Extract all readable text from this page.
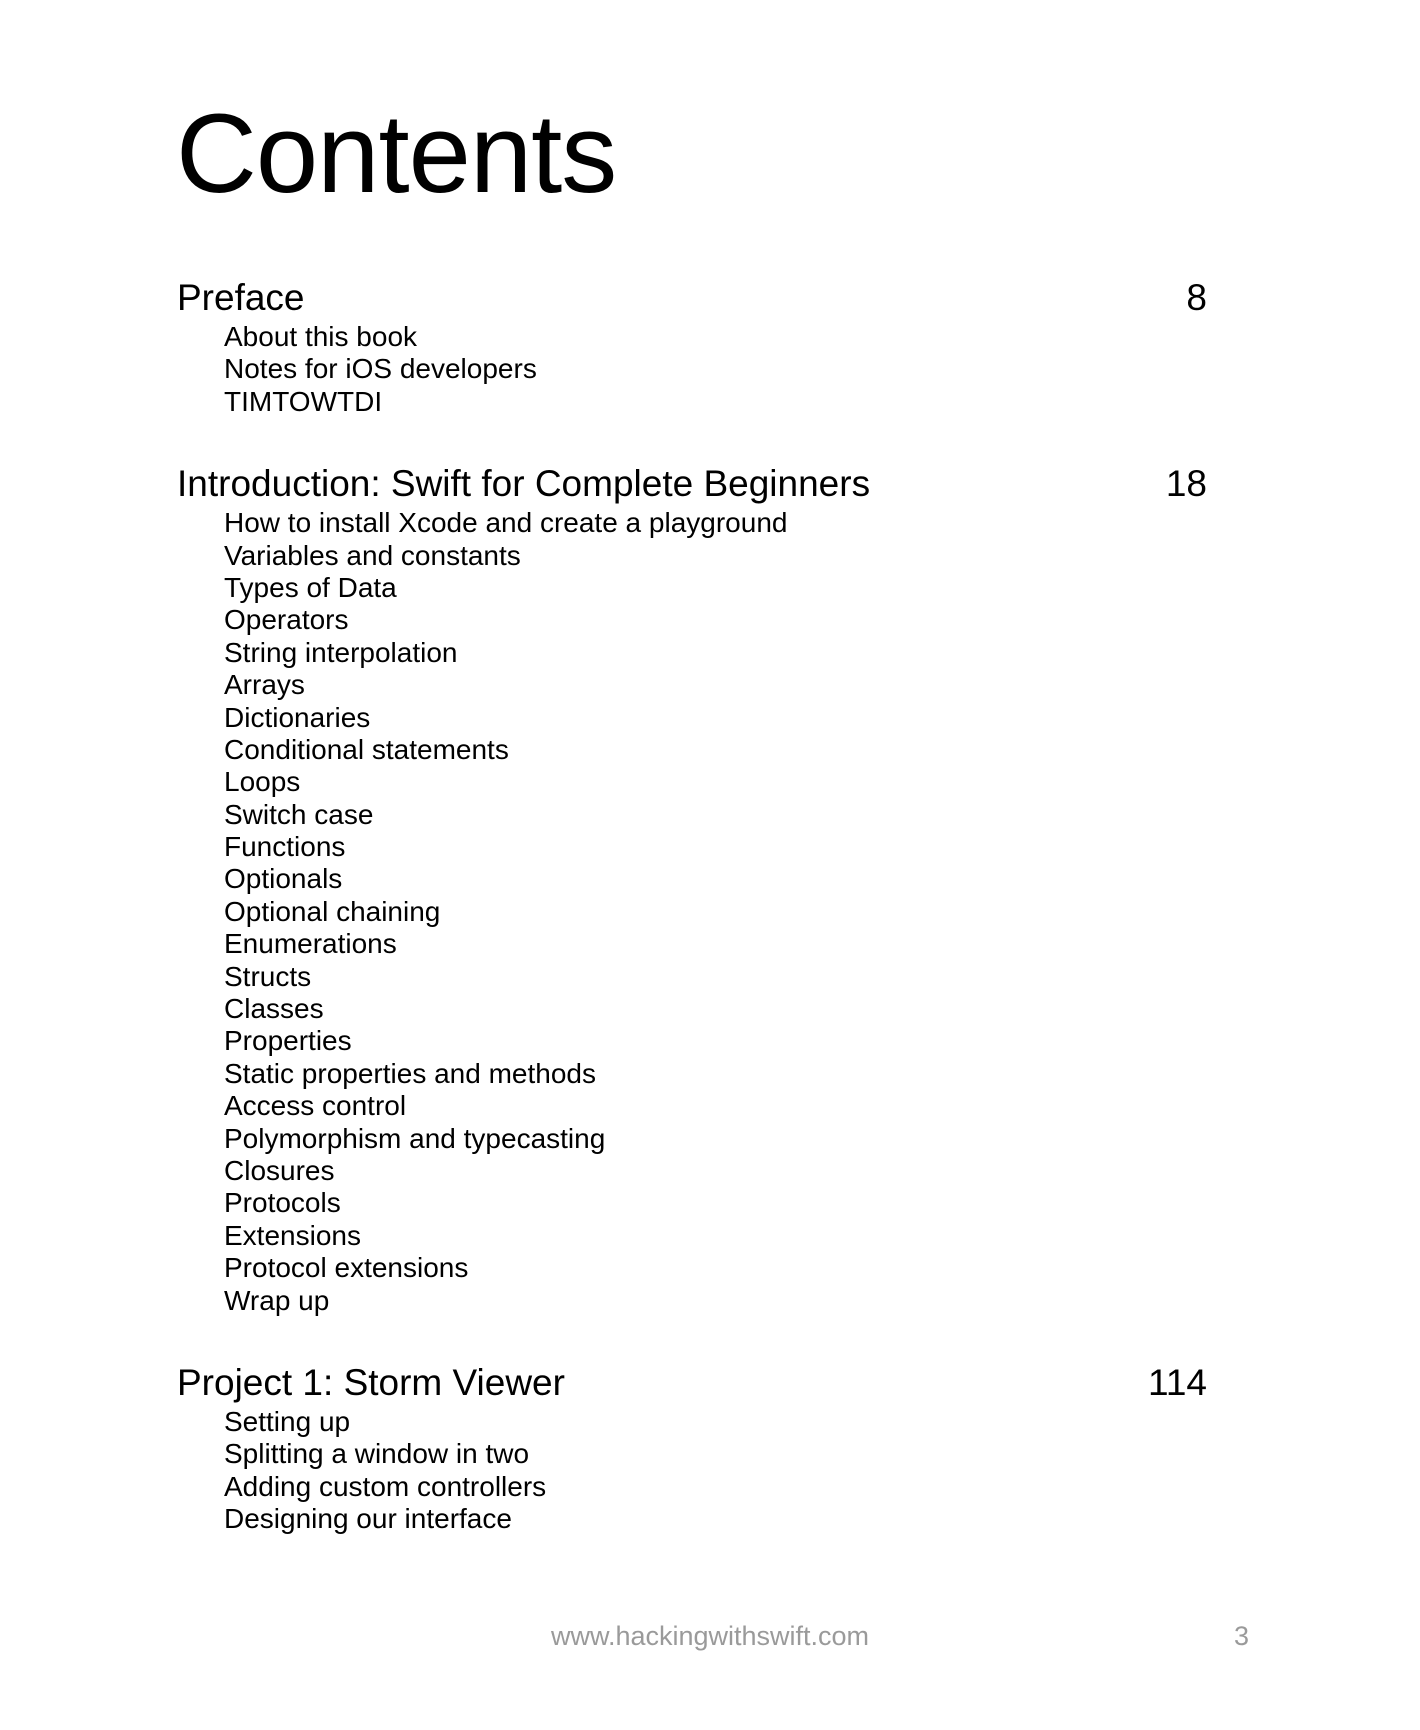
Contents
Preface	8
About this book
Notes for iOS developers
TIMTOWTDI
Introduction: Swift for Complete Beginners	18
How to install Xcode and create a playground
Variables and constants
Types of Data
Operators
String interpolation
Arrays
Dictionaries
Conditional statements
Loops
Switch case
Functions
Optionals
Optional chaining
Enumerations
Structs
Classes
Properties
Static properties and methods
Access control
Polymorphism and typecasting
Closures
Protocols
Extensions
Protocol extensions
Wrap up
Project 1: Storm Viewer	114
Setting up
Splitting a window in two
Adding custom controllers
Designing our interface
www.hackingwithswift.com	3
